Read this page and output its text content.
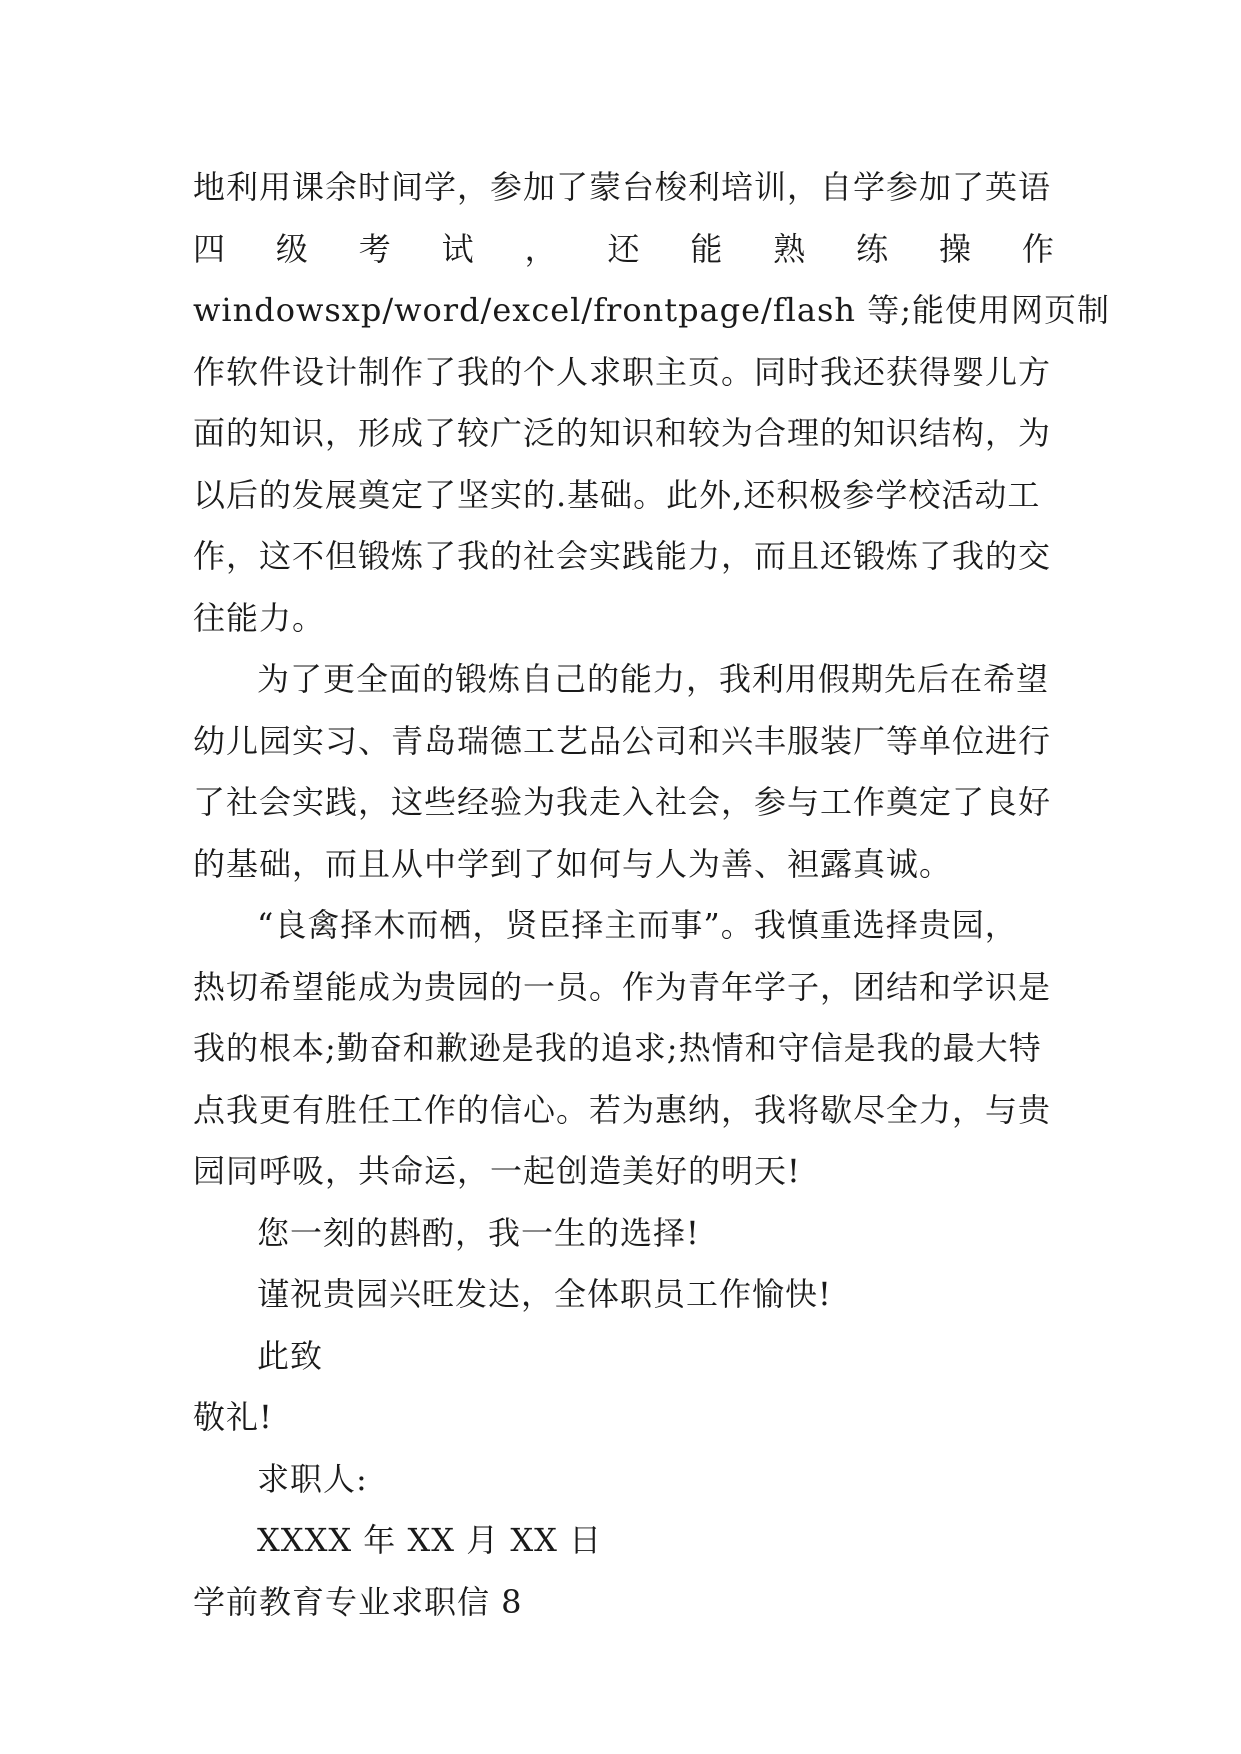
地利用课余时间学，参加了蒙台梭利培训，自学参加了英语
四 级 考 试 ， 还 能 熟 练 操 作
windowsxp/word/excel/frontpage/flash 等;能使用网页制
作软件设计制作了我的个人求职主页。同时我还获得婴儿方
面的知识，形成了较广泛的知识和较为合理的知识结构，为
以后的发展奠定了坚实的.基础。此外,还积极参学校活动工
作，这不但锻炼了我的社会实践能力，而且还锻炼了我的交
往能力。
为了更全面的锻炼自己的能力，我利用假期先后在希望
幼儿园实习、青岛瑞德工艺品公司和兴丰服装厂等单位进行
了社会实践，这些经验为我走入社会，参与工作奠定了良好
的基础，而且从中学到了如何与人为善、袒露真诚。
“良禽择木而栖，贤臣择主而事”。我慎重选择贵园，
热切希望能成为贵园的一员。作为青年学子，团结和学识是
我的根本;勤奋和歉逊是我的追求;热情和守信是我的最大特
点我更有胜任工作的信心。若为惠纳，我将歇尽全力，与贵
园同呼吸，共命运，一起创造美好的明天!
您一刻的斟酌，我一生的选择!
谨祝贵园兴旺发达，全体职员工作愉快!
此致
敬礼!
求职人:
XXXX 年 XX 月 XX 日
学前教育专业求职信 8
